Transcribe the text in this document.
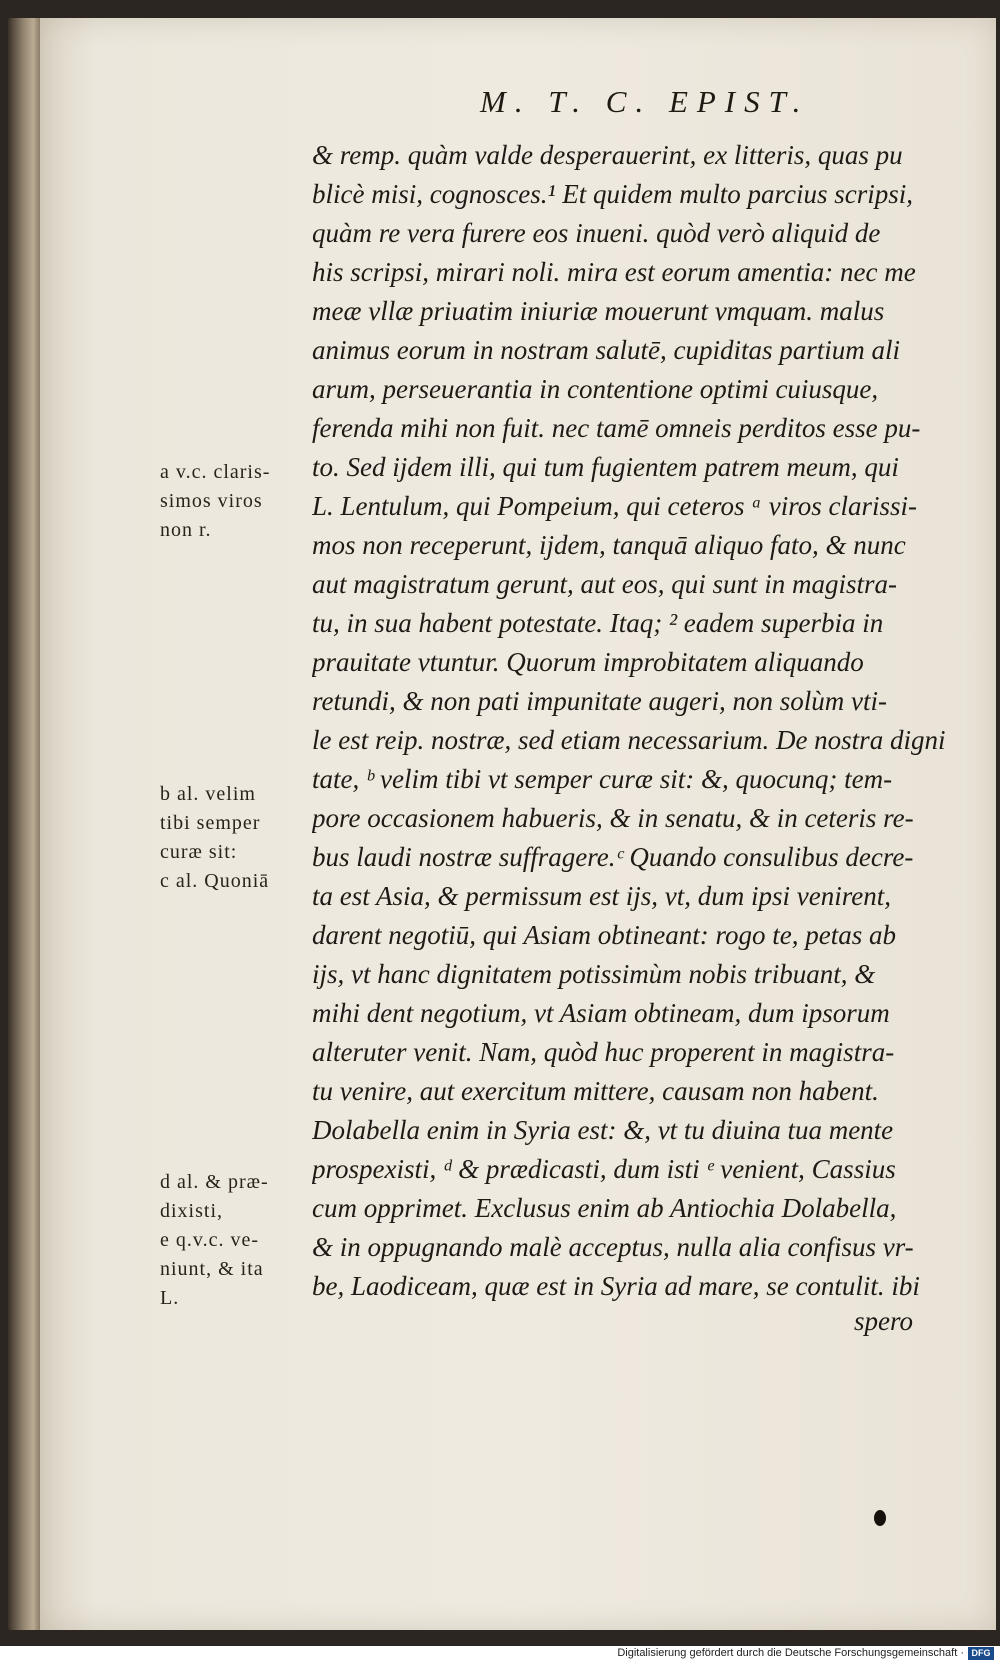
M. T. C. EPIST.
& remp. quàm valde desperauerint, ex litteris, quas pu
blicè misi, cognosces.¹ Et quidem multo parcius scripsi,
quàm re vera furere eos inueni. quòd verò aliquid de
his scripsi, mirari noli. mira est eorum amentia: nec me
meæ vllæ priuatim iniuriæ mouerunt vmquam. malus
animus eorum in nostram salutē, cupiditas partium ali
arum, perseuerantia in contentione optimi cuiusque,
ferenda mihi non fuit. nec tamē omneis perditos esse pu-
to. Sed ijdem illi, qui tum fugientem patrem meum, qui
L. Lentulum, qui Pompeium, qui ceteros ᵃ viros clarissi-
mos non receperunt, ijdem, tanquā aliquo fato, & nunc
aut magistratum gerunt, aut eos, qui sunt in magistra-
tu, in sua habent potestate. Itaq; ² eadem superbia in
prauitate vtuntur. Quorum improbitatem aliquando
retundi, & non pati impunitate augeri, non solùm vti-
le est reip. nostræ, sed etiam necessarium. De nostra digni
tate, ᵇ velim tibi vt semper curæ sit: &, quocunq; tem-
pore occasionem habueris, & in senatu, & in ceteris re-
bus laudi nostræ suffragere.ᶜ Quando consulibus decre-
ta est Asia, & permissum est ijs, vt, dum ipsi venirent,
darent negotiū, qui Asiam obtineant: rogo te, petas ab
ijs, vt hanc dignitatem potissimùm nobis tribuant, &
mihi dent negotium, vt Asiam obtineam, dum ipsorum
alteruter venit. Nam, quòd huc properent in magistra-
tu venire, aut exercitum mittere, causam non habent.
Dolabella enim in Syria est: &, vt tu diuina tua mente
prospexisti, ᵈ & prædicasti, dum isti ᵉ venient, Cassius
cum opprimet. Exclusus enim ab Antiochia Dolabella,
& in oppugnando malè acceptus, nulla alia confisus vr-
be, Laodiceam, quæ est in Syria ad mare, se contulit. ibi
spero
a v.c. claris-
simos viros
non r.
b al. velim
tibi semper
curæ sit:
c al. Quoniā
d al. & præ-
dixisti,
e q.v.c. ve-
niunt, & ita
L.
Digitalisierung gefördert durch die Deutsche Forschungsgemeinschaft · DFG
